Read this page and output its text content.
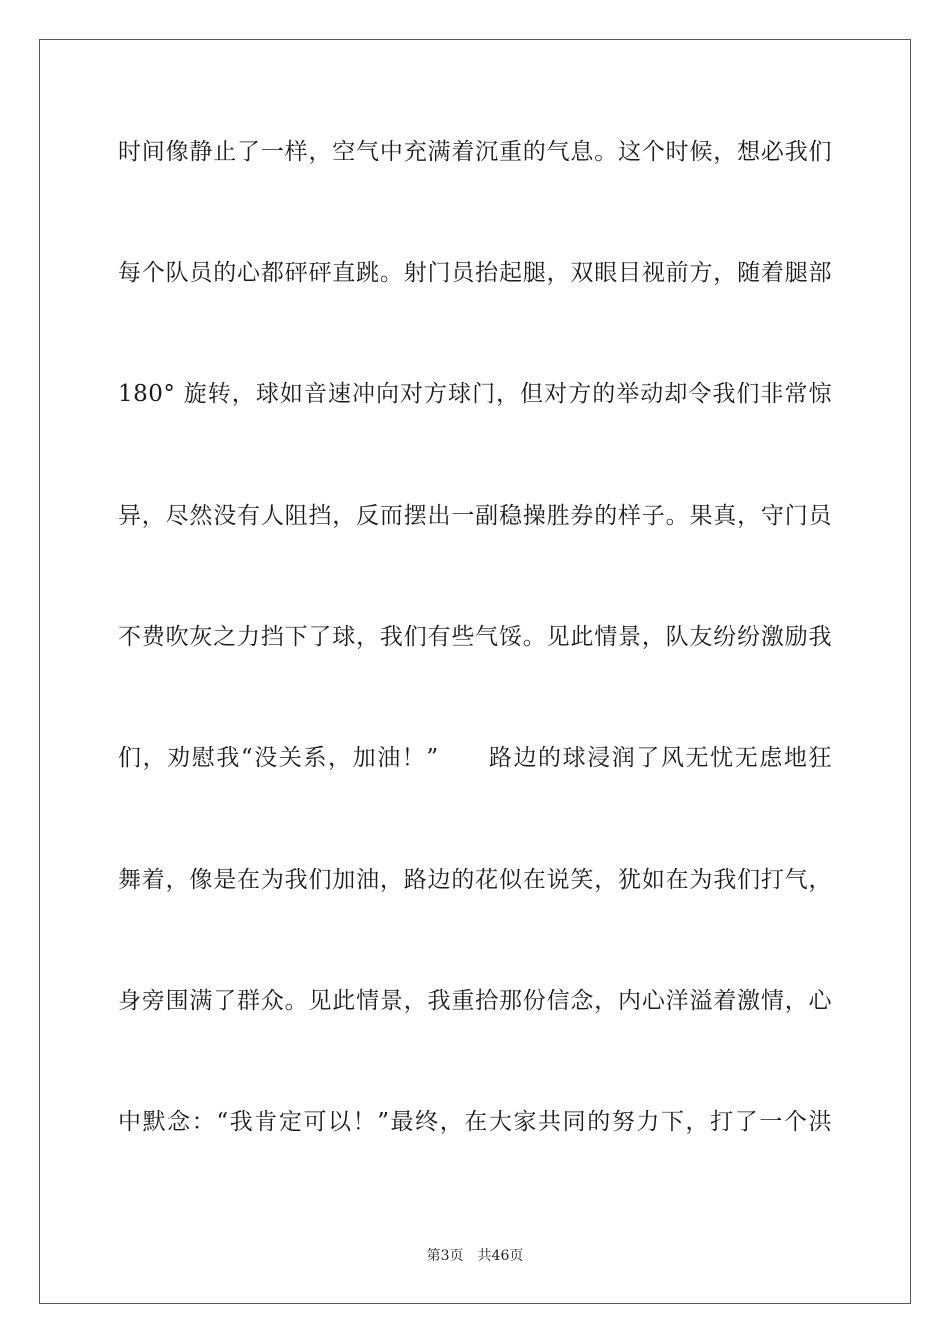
时间像静止了一样，空气中充满着沉重的气息。这个时候，想必我们
每个队员的心都砰砰直跳。射门员抬起腿，双眼目视前方，随着腿部
180° 旋转，球如音速冲向对方球门，但对方的举动却令我们非常惊
异，尽然没有人阻挡，反而摆出一副稳操胜券的样子。果真，守门员
不费吹灰之力挡下了球，我们有些气馁。见此情景，队友纷纷激励我
们，劝慰我“没关系，加油！”　　路边的球浸润了风无忧无虑地狂
舞着，像是在为我们加油，路边的花似在说笑，犹如在为我们打气，
身旁围满了群众。见此情景，我重拾那份信念，内心洋溢着激情，心
中默念：“我肯定可以！”最终，在大家共同的努力下，打了一个洪
第3页 共46页
